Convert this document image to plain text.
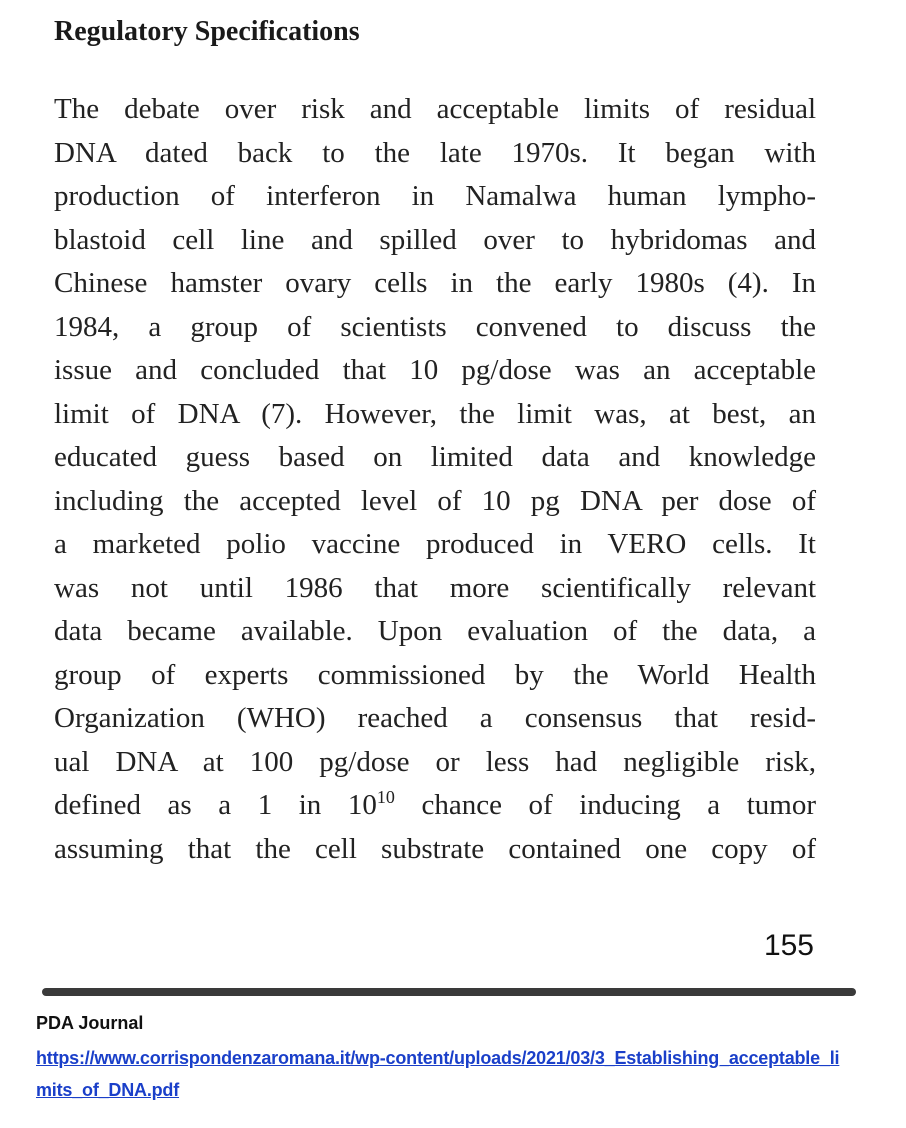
Regulatory Specifications
The debate over risk and acceptable limits of residual
DNA dated back to the late 1970s. It began with
production of interferon in Namalwa human lympho-
blastoid cell line and spilled over to hybridomas and
Chinese hamster ovary cells in the early 1980s (4). In
1984, a group of scientists convened to discuss the
issue and concluded that 10 pg/dose was an acceptable
limit of DNA (7). However, the limit was, at best, an
educated guess based on limited data and knowledge
including the accepted level of 10 pg DNA per dose of
a marketed polio vaccine produced in VERO cells. It
was not until 1986 that more scientifically relevant
data became available. Upon evaluation of the data, a
group of experts commissioned by the World Health
Organization (WHO) reached a consensus that resid-
ual DNA at 100 pg/dose or less had negligible risk,
defined as a 1 in $10^{10}$ chance of inducing a tumor
assuming that the cell substrate contained one copy of
155
PDA Journal
https://www.corrispondenzaromana.it/wp-content/uploads/2021/03/3_Establishing_acceptable_limits_of_DNA.pdf
